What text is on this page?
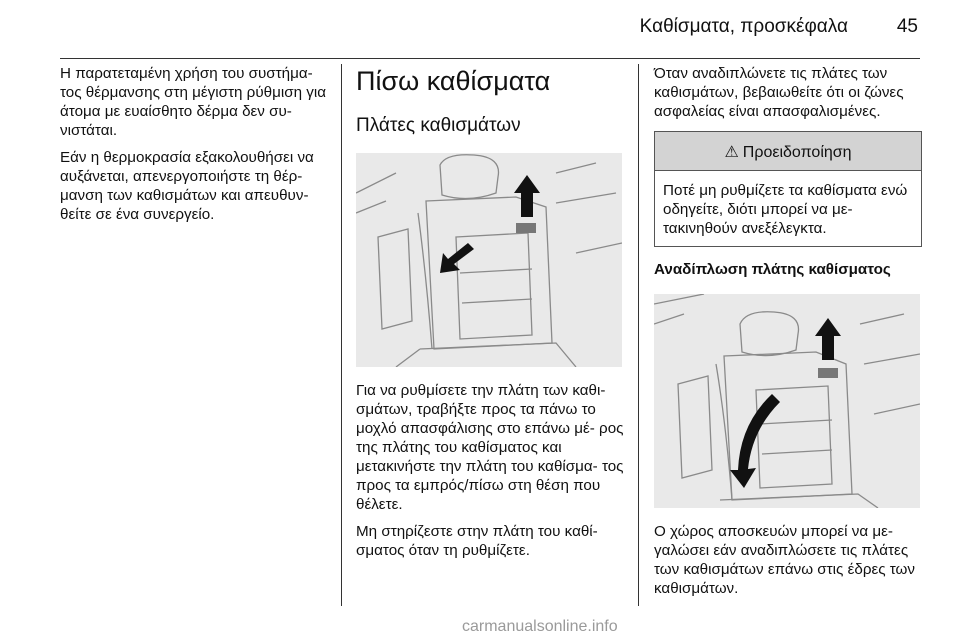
Καθίσματα, προσκέφαλα	45

Η παρατεταμένη χρήση του συστήμα- τος θέρμανσης στη μέγιστη ρύθμιση για άτομα με ευαίσθητο δέρμα δεν συ- νιστάται.

Εάν η θερμοκρασία εξακολουθήσει να αυξάνεται, απενεργοποιήστε τη θέρ- μανση των καθισμάτων και απευθυν- θείτε σε ένα συνεργείο.

Πίσω καθίσματα
Πλάτες καθισμάτων

Για να ρυθμίσετε την πλάτη των καθι- σμάτων, τραβήξτε προς τα πάνω το μοχλό απασφάλισης στο επάνω μέ- ρος της πλάτης του καθίσματος και μετακινήστε την πλάτη του καθίσμα- τος προς τα εμπρός/πίσω στη θέση που θέλετε.

Μη στηρίζεστε στην πλάτη του καθί- σματος όταν τη ρυθμίζετε.

Όταν αναδιπλώνετε τις πλάτες των καθισμάτων, βεβαιωθείτε ότι οι ζώνες ασφαλείας είναι απασφαλισμένες.

⚠ Προειδοποίηση
Ποτέ μη ρυθμίζετε τα καθίσματα ενώ οδηγείτε, διότι μπορεί να με- τακινηθούν ανεξέλεγκτα.
Αναδίπλωση πλάτης καθίσματος

Ο χώρος αποσκευών μπορεί να με- γαλώσει εάν αναδιπλώσετε τις πλάτες των καθισμάτων επάνω στις έδρες των καθισμάτων.

carmanualsonline.info
